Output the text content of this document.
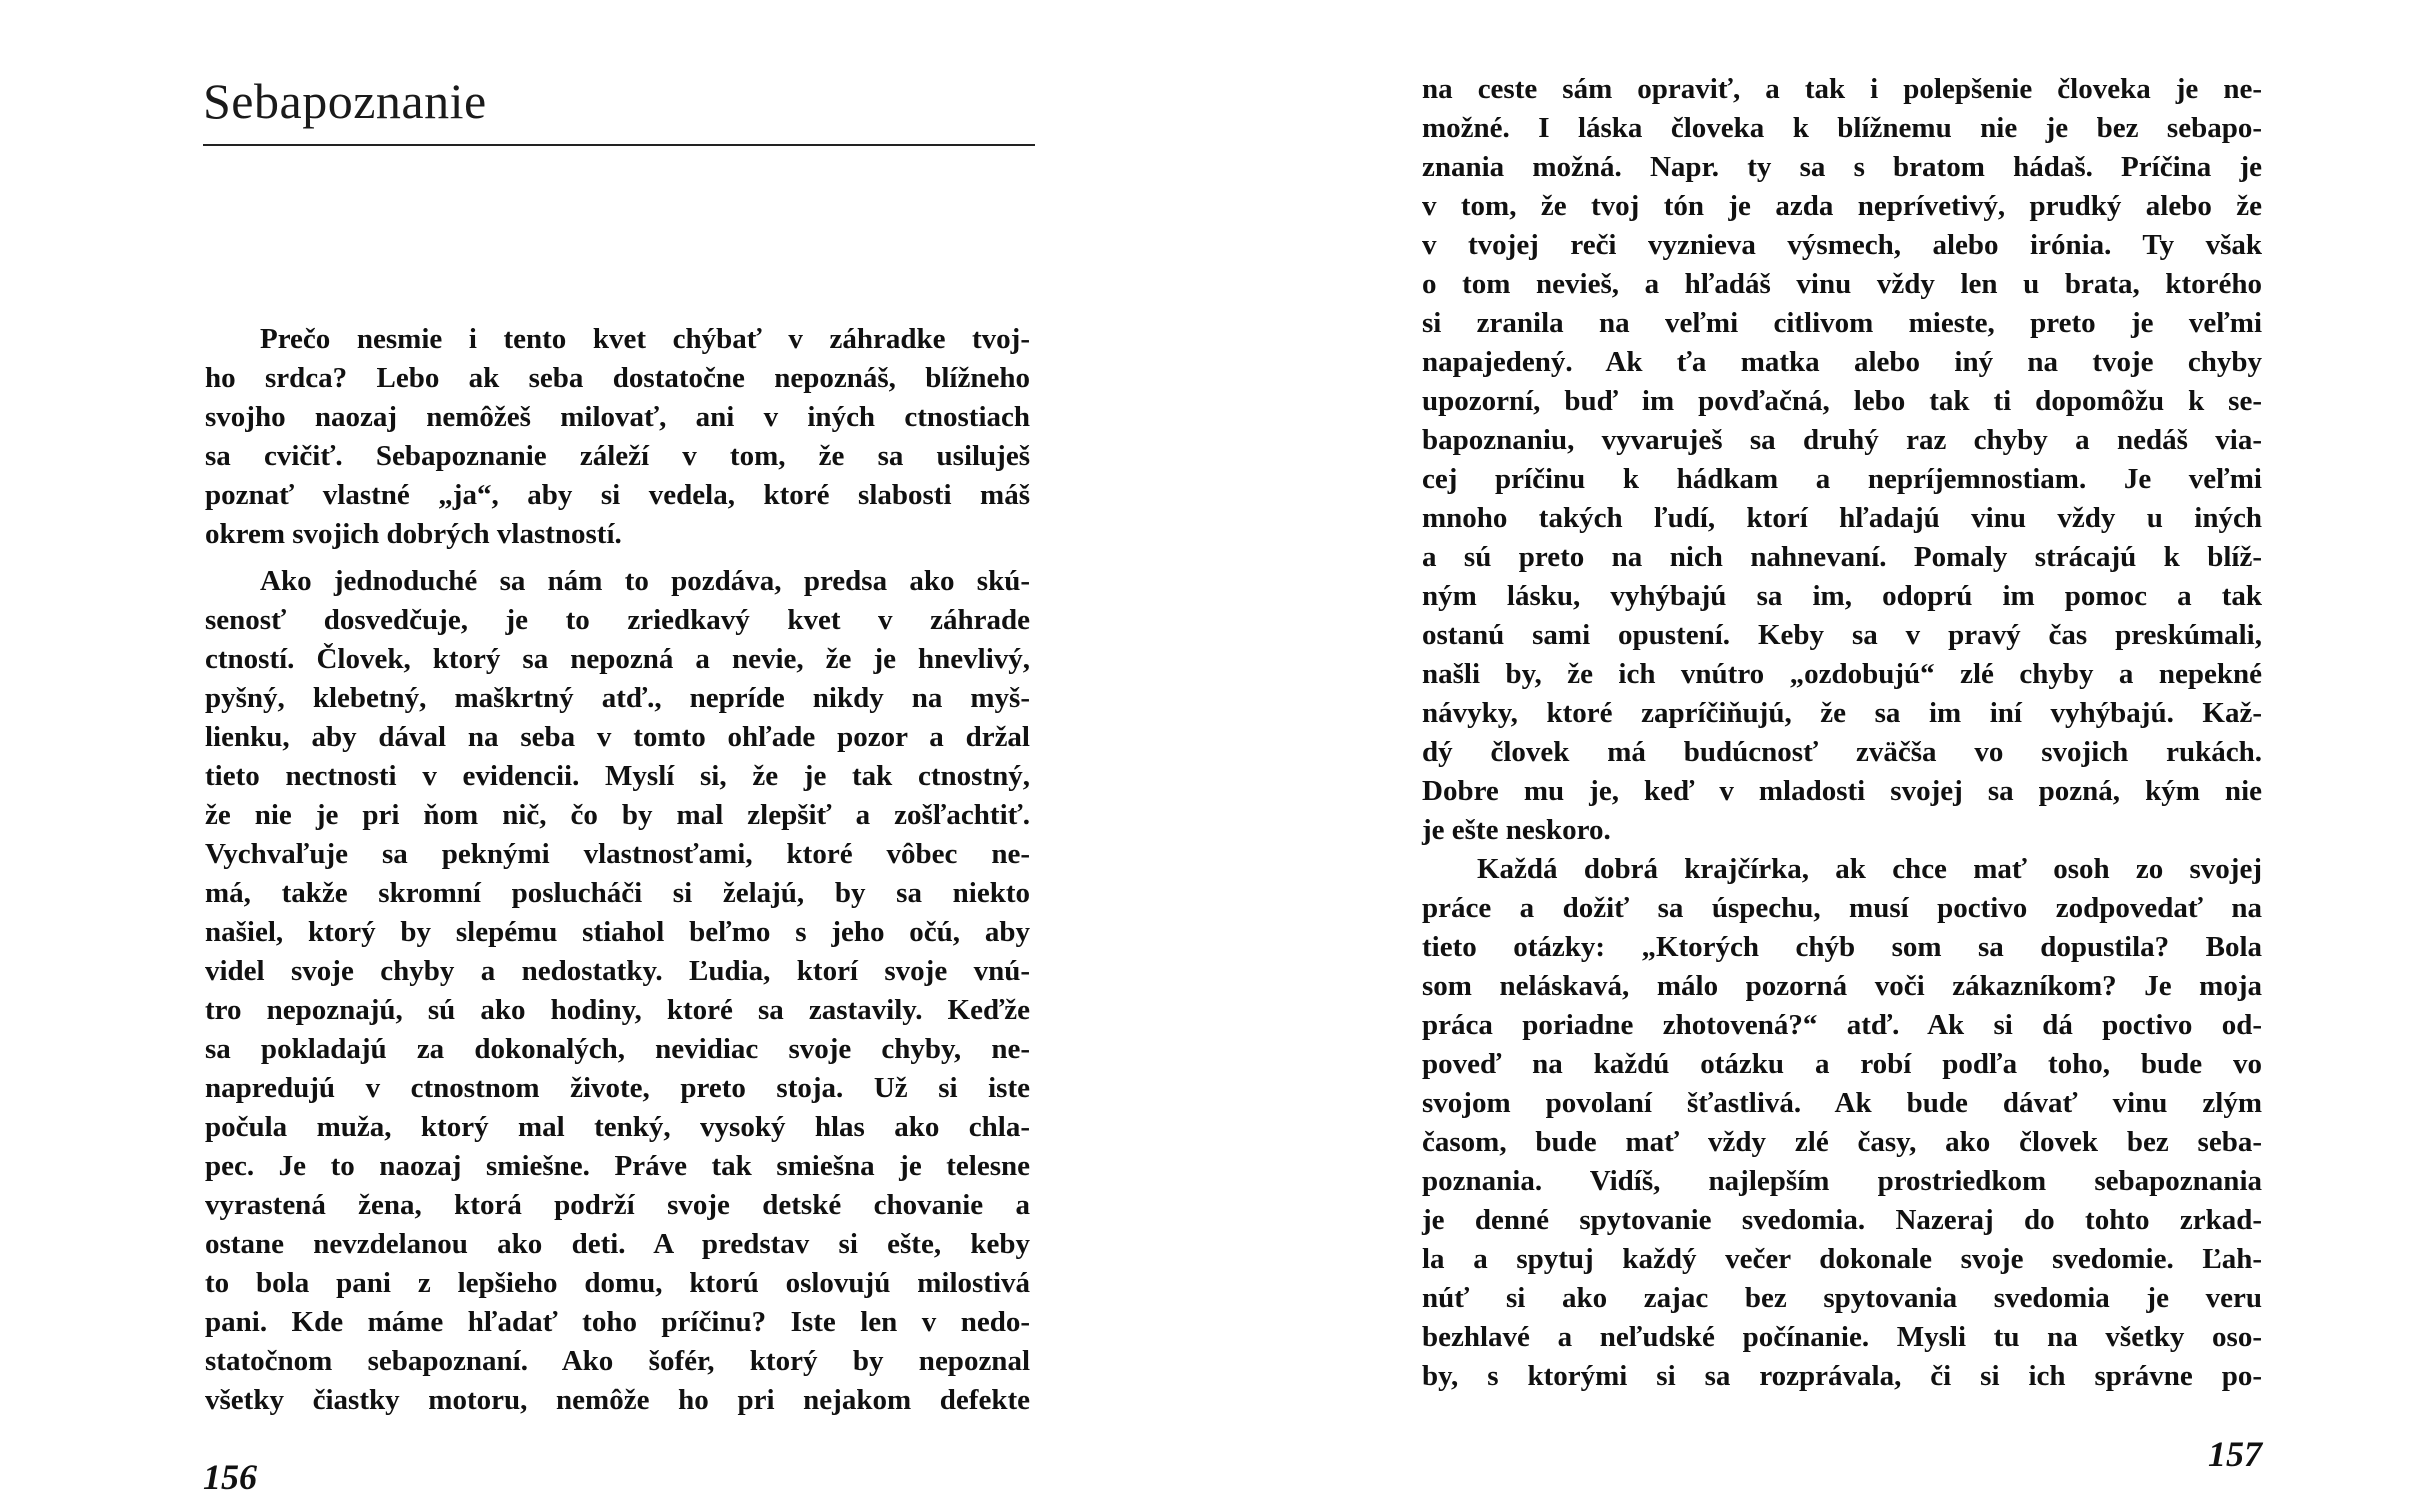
Sebapoznanie
Prečo nesmie i tento kvet chýbať v záhradke tvoj-
ho srdca? Lebo ak seba dostatočne nepoznáš, blížneho
svojho naozaj nemôžeš milovať, ani v iných ctnostiach
sa cvičiť. Sebapoznanie záleží v tom, že sa usiluješ
poznať vlastné „ja“, aby si vedela, ktoré slabosti máš
okrem svojich dobrých vlastností.
Ako jednoduché sa nám to pozdáva, predsa ako skú-
senosť dosvedčuje, je to zriedkavý kvet v záhrade
ctností. Človek, ktorý sa nepozná a nevie, že je hnevlivý,
pyšný, klebetný, maškrtný atď., nepríde nikdy na myš-
lienku, aby dával na seba v tomto ohľade pozor a držal
tieto nectnosti v evidencii. Myslí si, že je tak ctnostný,
že nie je pri ňom nič, čo by mal zlepšiť a zošľachtiť.
Vychvaľuje sa peknými vlastnosťami, ktoré vôbec ne-
má, takže skromní poslucháči si želajú, by sa niekto
našiel, ktorý by slepému stiahol beľmo s jeho očú, aby
videl svoje chyby a nedostatky. Ľudia, ktorí svoje vnú-
tro nepoznajú, sú ako hodiny, ktoré sa zastavily. Keďže
sa pokladajú za dokonalých, nevidiac svoje chyby, ne-
napredujú v ctnostnom živote, preto stoja. Už si iste
počula muža, ktorý mal tenký, vysoký hlas ako chla-
pec. Je to naozaj smiešne. Práve tak smiešna je telesne
vyrastená žena, ktorá podrží svoje detské chovanie a
ostane nevzdelanou ako deti. A predstav si ešte, keby
to bola pani z lepšieho domu, ktorú oslovujú milostivá
pani. Kde máme hľadať toho príčinu? Iste len v nedo-
statočnom sebapoznaní. Ako šofér, ktorý by nepoznal
všetky čiastky motoru, nemôže ho pri nejakom defekte
156
na ceste sám opraviť, a tak i polepšenie človeka je ne-
možné. I láska človeka k blížnemu nie je bez sebapo-
znania možná. Napr. ty sa s bratom hádaš. Príčina je
v tom, že tvoj tón je azda neprívetivý, prudký alebo že
v tvojej reči vyznieva výsmech, alebo irónia. Ty však
o tom nevieš, a hľadáš vinu vždy len u brata, ktorého
si zranila na veľmi citlivom mieste, preto je veľmi
napajedený. Ak ťa matka alebo iný na tvoje chyby
upozorní, buď im povďačná, lebo tak ti dopomôžu k se-
bapoznaniu, vyvaruješ sa druhý raz chyby a nedáš via-
cej príčinu k hádkam a nepríjemnostiam. Je veľmi
mnoho takých ľudí, ktorí hľadajú vinu vždy u iných
a sú preto na nich nahnevaní. Pomaly strácajú k blíž-
ným lásku, vyhýbajú sa im, odoprú im pomoc a tak
ostanú sami opustení. Keby sa v pravý čas preskúmali,
našli by, že ich vnútro „ozdobujú“ zlé chyby a nepekné
návyky, ktoré zapríčiňujú, že sa im iní vyhýbajú. Kaž-
dý človek má budúcnosť zväčša vo svojich rukách.
Dobre mu je, keď v mladosti svojej sa pozná, kým nie
je ešte neskoro.
Každá dobrá krajčírka, ak chce mať osoh zo svojej
práce a dožiť sa úspechu, musí poctivo zodpovedať na
tieto otázky: „Ktorých chýb som sa dopustila? Bola
som neláskavá, málo pozorná voči zákazníkom? Je moja
práca poriadne zhotovená?“ atď. Ak si dá poctivo od-
poveď na každú otázku a robí podľa toho, bude vo
svojom povolaní šťastlivá. Ak bude dávať vinu zlým
časom, bude mať vždy zlé časy, ako človek bez seba-
poznania. Vidíš, najlepším prostriedkom sebapoznania
je denné spytovanie svedomia. Nazeraj do tohto zrkad-
la a spytuj každý večer dokonale svoje svedomie. Ľah-
núť si ako zajac bez spytovania svedomia je veru
bezhlavé a neľudské počínanie. Mysli tu na všetky oso-
by, s ktorými si sa rozprávala, či si ich správne po-
157
